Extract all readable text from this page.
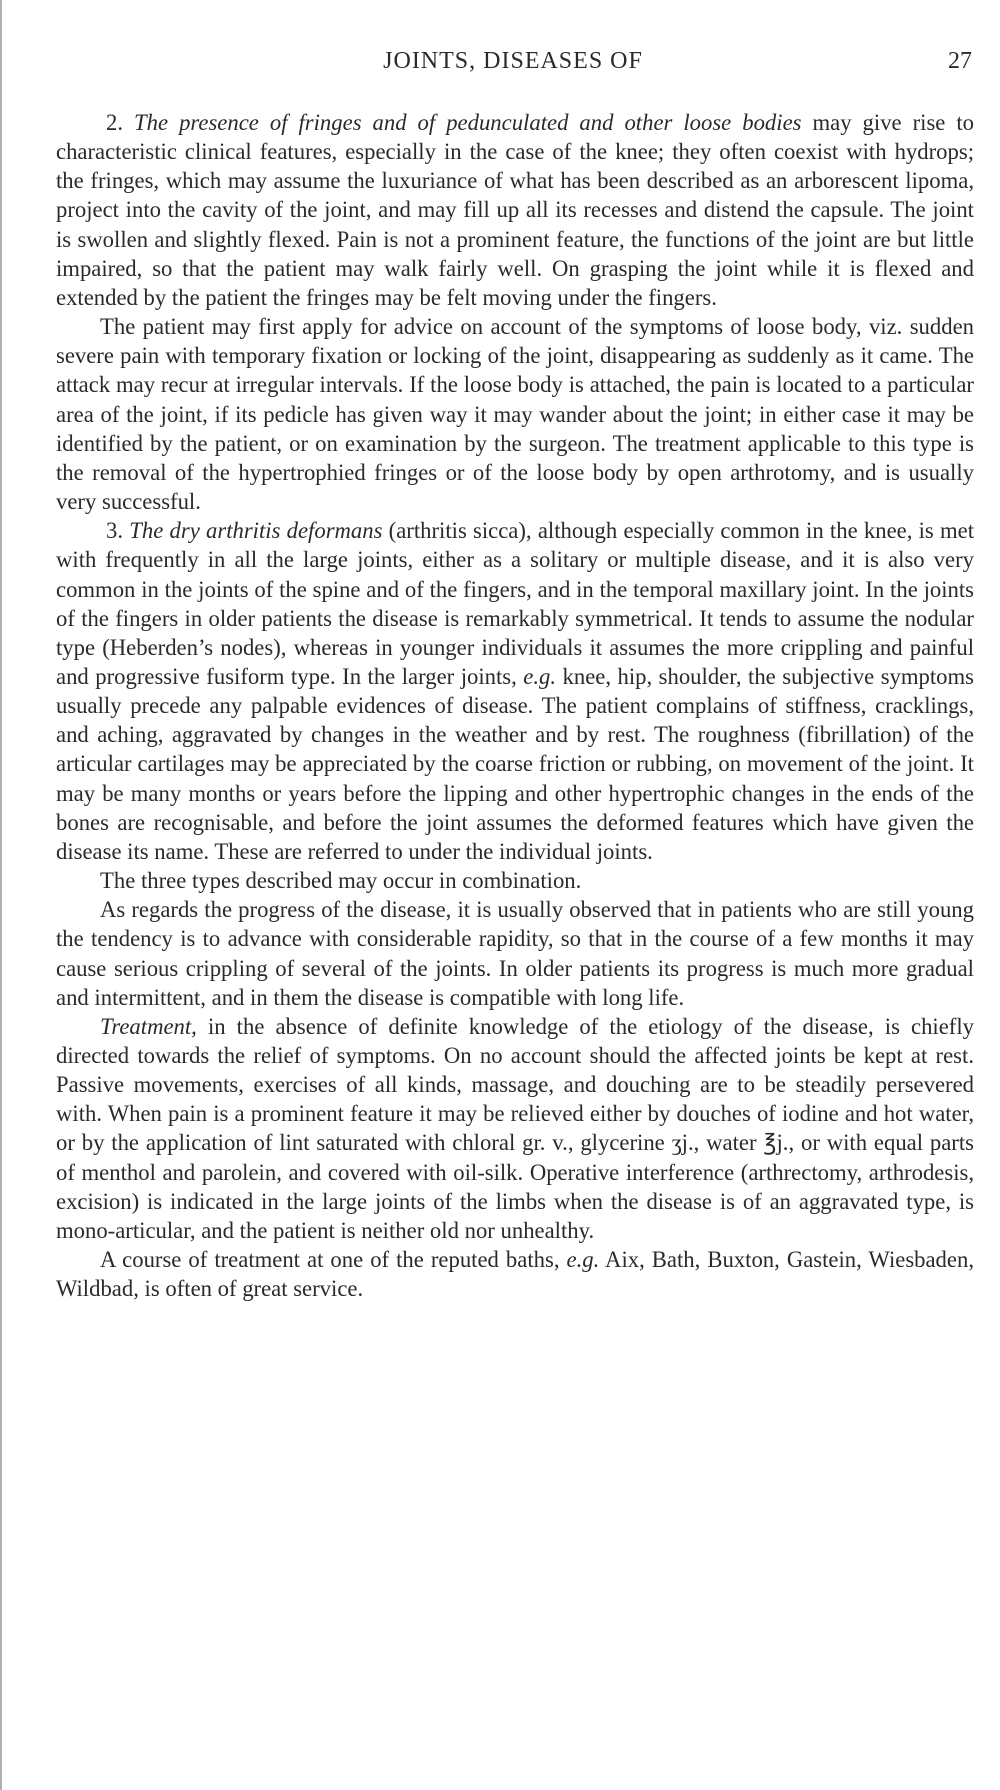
JOINTS, DISEASES OF	27

2. The presence of fringes and of pedunculated and other loose bodies may give rise to characteristic clinical features, especially in the case of the knee; they often coexist with hydrops; the fringes, which may assume the luxuriance of what has been described as an arborescent lipoma, project into the cavity of the joint, and may fill up all its recesses and distend the capsule. The joint is swollen and slightly flexed. Pain is not a prominent feature, the functions of the joint are but little impaired, so that the patient may walk fairly well. On grasping the joint while it is flexed and extended by the patient the fringes may be felt moving under the fingers.

The patient may first apply for advice on account of the symptoms of loose body, viz. sudden severe pain with temporary fixation or locking of the joint, disappearing as suddenly as it came. The attack may recur at irregular intervals. If the loose body is attached, the pain is located to a particular area of the joint, if its pedicle has given way it may wander about the joint; in either case it may be identified by the patient, or on examination by the surgeon. The treatment applicable to this type is the removal of the hypertrophied fringes or of the loose body by open arthrotomy, and is usually very successful.

3. The dry arthritis deformans (arthritis sicca), although especially common in the knee, is met with frequently in all the large joints, either as a solitary or multiple disease, and it is also very common in the joints of the spine and of the fingers, and in the temporal maxillary joint. In the joints of the fingers in older patients the disease is remarkably symmetrical. It tends to assume the nodular type (Heberden’s nodes), whereas in younger individuals it assumes the more crippling and painful and progressive fusiform type. In the larger joints, e.g. knee, hip, shoulder, the subjective symptoms usually precede any palpable evidences of disease. The patient complains of stiffness, cracklings, and aching, aggravated by changes in the weather and by rest. The roughness (fibrillation) of the articular cartilages may be appreciated by the coarse friction or rubbing, on movement of the joint. It may be many months or years before the lipping and other hypertrophic changes in the ends of the bones are recognisable, and before the joint assumes the deformed features which have given the disease its name. These are referred to under the individual joints.

The three types described may occur in combination.

As regards the progress of the disease, it is usually observed that in patients who are still young the tendency is to advance with considerable rapidity, so that in the course of a few months it may cause serious crippling of several of the joints. In older patients its progress is much more gradual and intermittent, and in them the disease is compatible with long life.

Treatment, in the absence of definite knowledge of the etiology of the disease, is chiefly directed towards the relief of symptoms. On no account should the affected joints be kept at rest. Passive movements, exercises of all kinds, massage, and douching are to be steadily persevered with. When pain is a prominent feature it may be relieved either by douches of iodine and hot water, or by the application of lint saturated with chloral gr. v., glycerine ʒj., water ℥j., or with equal parts of menthol and parolein, and covered with oil-silk. Operative interference (arthrectomy, arthrodesis, excision) is indicated in the large joints of the limbs when the disease is of an aggravated type, is mono-articular, and the patient is neither old nor unhealthy.

A course of treatment at one of the reputed baths, e.g. Aix, Bath, Buxton, Gastein, Wiesbaden, Wildbad, is often of great service.
